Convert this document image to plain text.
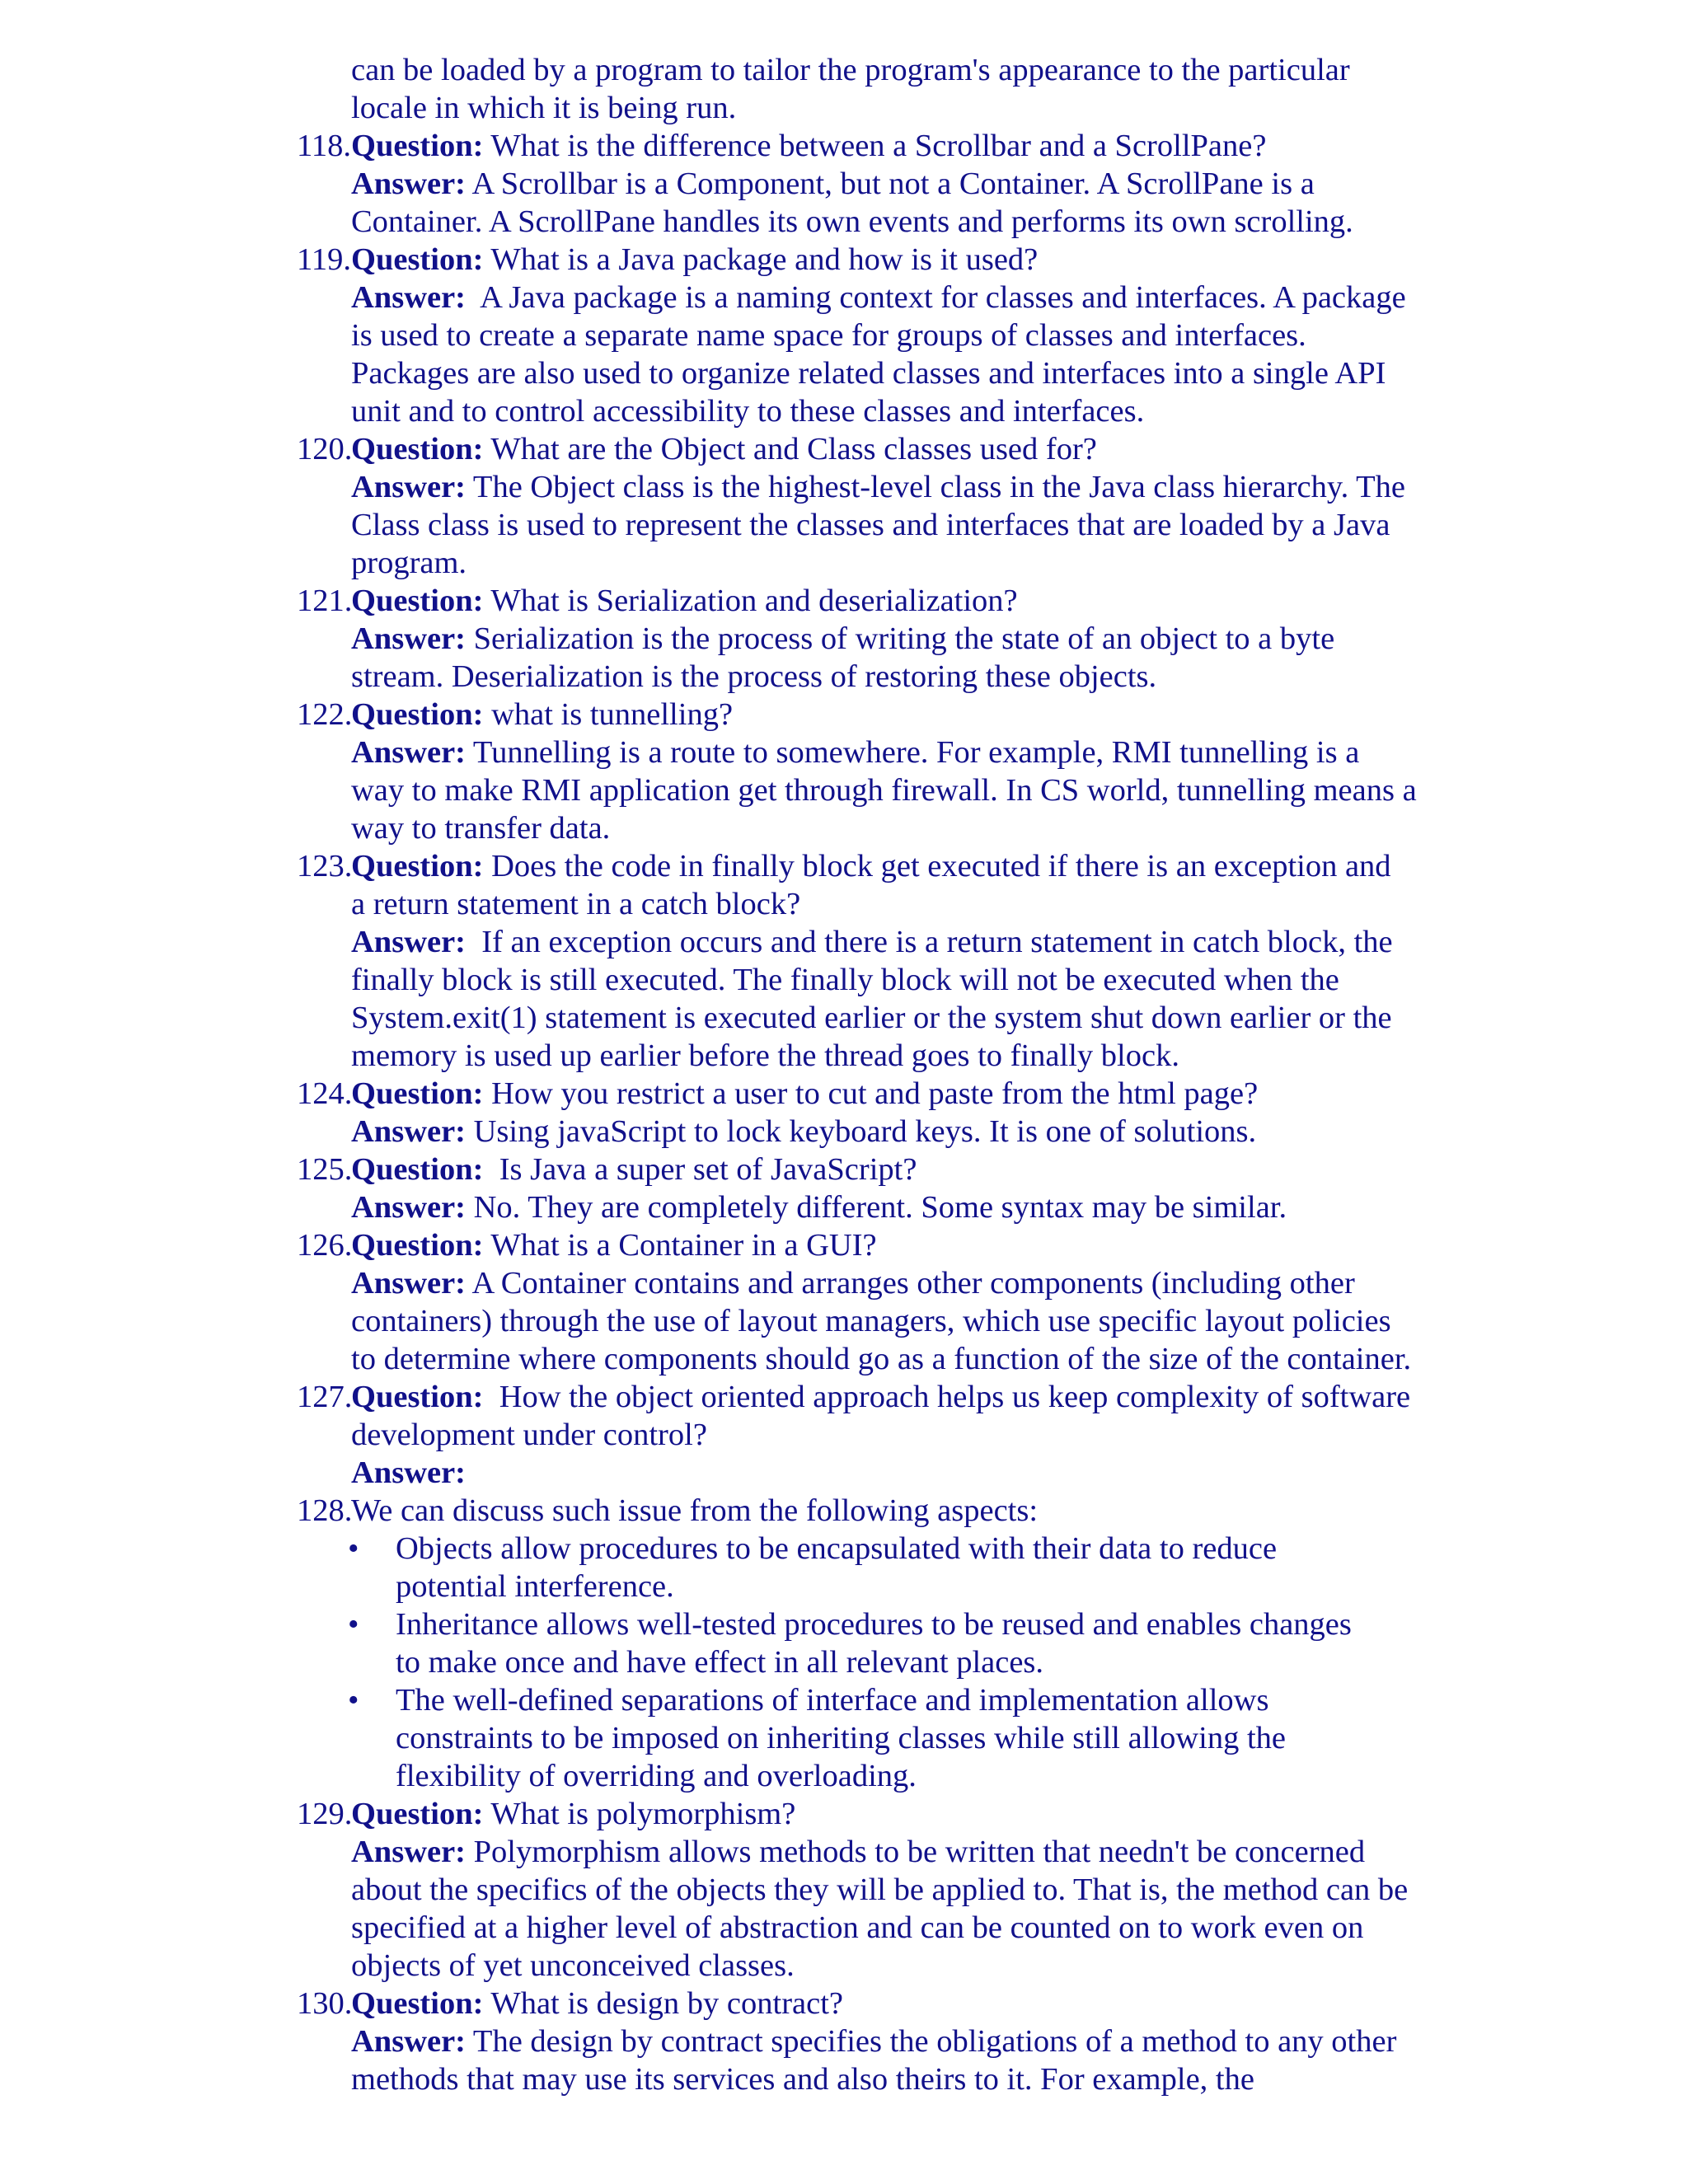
can be loaded by a program to tailor the program's appearance to the particular
locale in which it is being run.
118. Question: What is the difference between a Scrollbar and a ScrollPane?
Answer: A Scrollbar is a Component, but not a Container. A ScrollPane is a
Container. A ScrollPane handles its own events and performs its own scrolling.
119. Question: What is a Java package and how is it used?
Answer:  A Java package is a naming context for classes and interfaces. A package
is used to create a separate name space for groups of classes and interfaces.
Packages are also used to organize related classes and interfaces into a single API
unit and to control accessibility to these classes and interfaces.
120.
Question: What are the Object and Class classes used for?
Answer: The Object class is the highest-level class in the Java class hierarchy. The
Class class is used to represent the classes and interfaces that are loaded by a Java
program.
121.
Question: What is Serialization and deserialization?
Answer: Serialization is the process of writing the state of an object to a byte
stream. Deserialization is the process of restoring these objects.
122.
Question: what is tunnelling?
Answer: Tunnelling is a route to somewhere. For example, RMI tunnelling is a
way to make RMI application get through firewall. In CS world, tunnelling means a
way to transfer data.
123.
Question: Does the code in finally block get executed if there is an exception and
a return statement in a catch block?
Answer:  If an exception occurs and there is a return statement in catch block, the
finally block is still executed. The finally block will not be executed when the
System.exit(1) statement is executed earlier or the system shut down earlier or the
memory is used up earlier before the thread goes to finally block.
124.
Question: How you restrict a user to cut and paste from the html page?
Answer: Using javaScript to lock keyboard keys. It is one of solutions.
125.
Question:  Is Java a super set of JavaScript?
Answer: No. They are completely different. Some syntax may be similar.
126.
Question: What is a Container in a GUI?
Answer: A Container contains and arranges other components (including other
containers) through the use of layout managers, which use specific layout policies
to determine where components should go as a function of the size of the container.
127.
Question:  How the object oriented approach helps us keep complexity of software
development under control?
Answer:
128.
We can discuss such issue from the following aspects:
• Objects allow procedures to be encapsulated with their data to reduce
potential interference.
• Inheritance allows well-tested procedures to be reused and enables changes
to make once and have effect in all relevant places.
• The well-defined separations of interface and implementation allows
constraints to be imposed on inheriting classes while still allowing the
flexibility of overriding and overloading.
129.
Question: What is polymorphism?
Answer: Polymorphism allows methods to be written that needn't be concerned
about the specifics of the objects they will be applied to. That is, the method can be
specified at a higher level of abstraction and can be counted on to work even on
objects of yet unconceived classes.
130.
Question: What is design by contract?
Answer: The design by contract specifies the obligations of a method to any other
methods that may use its services and also theirs to it. For example, the
